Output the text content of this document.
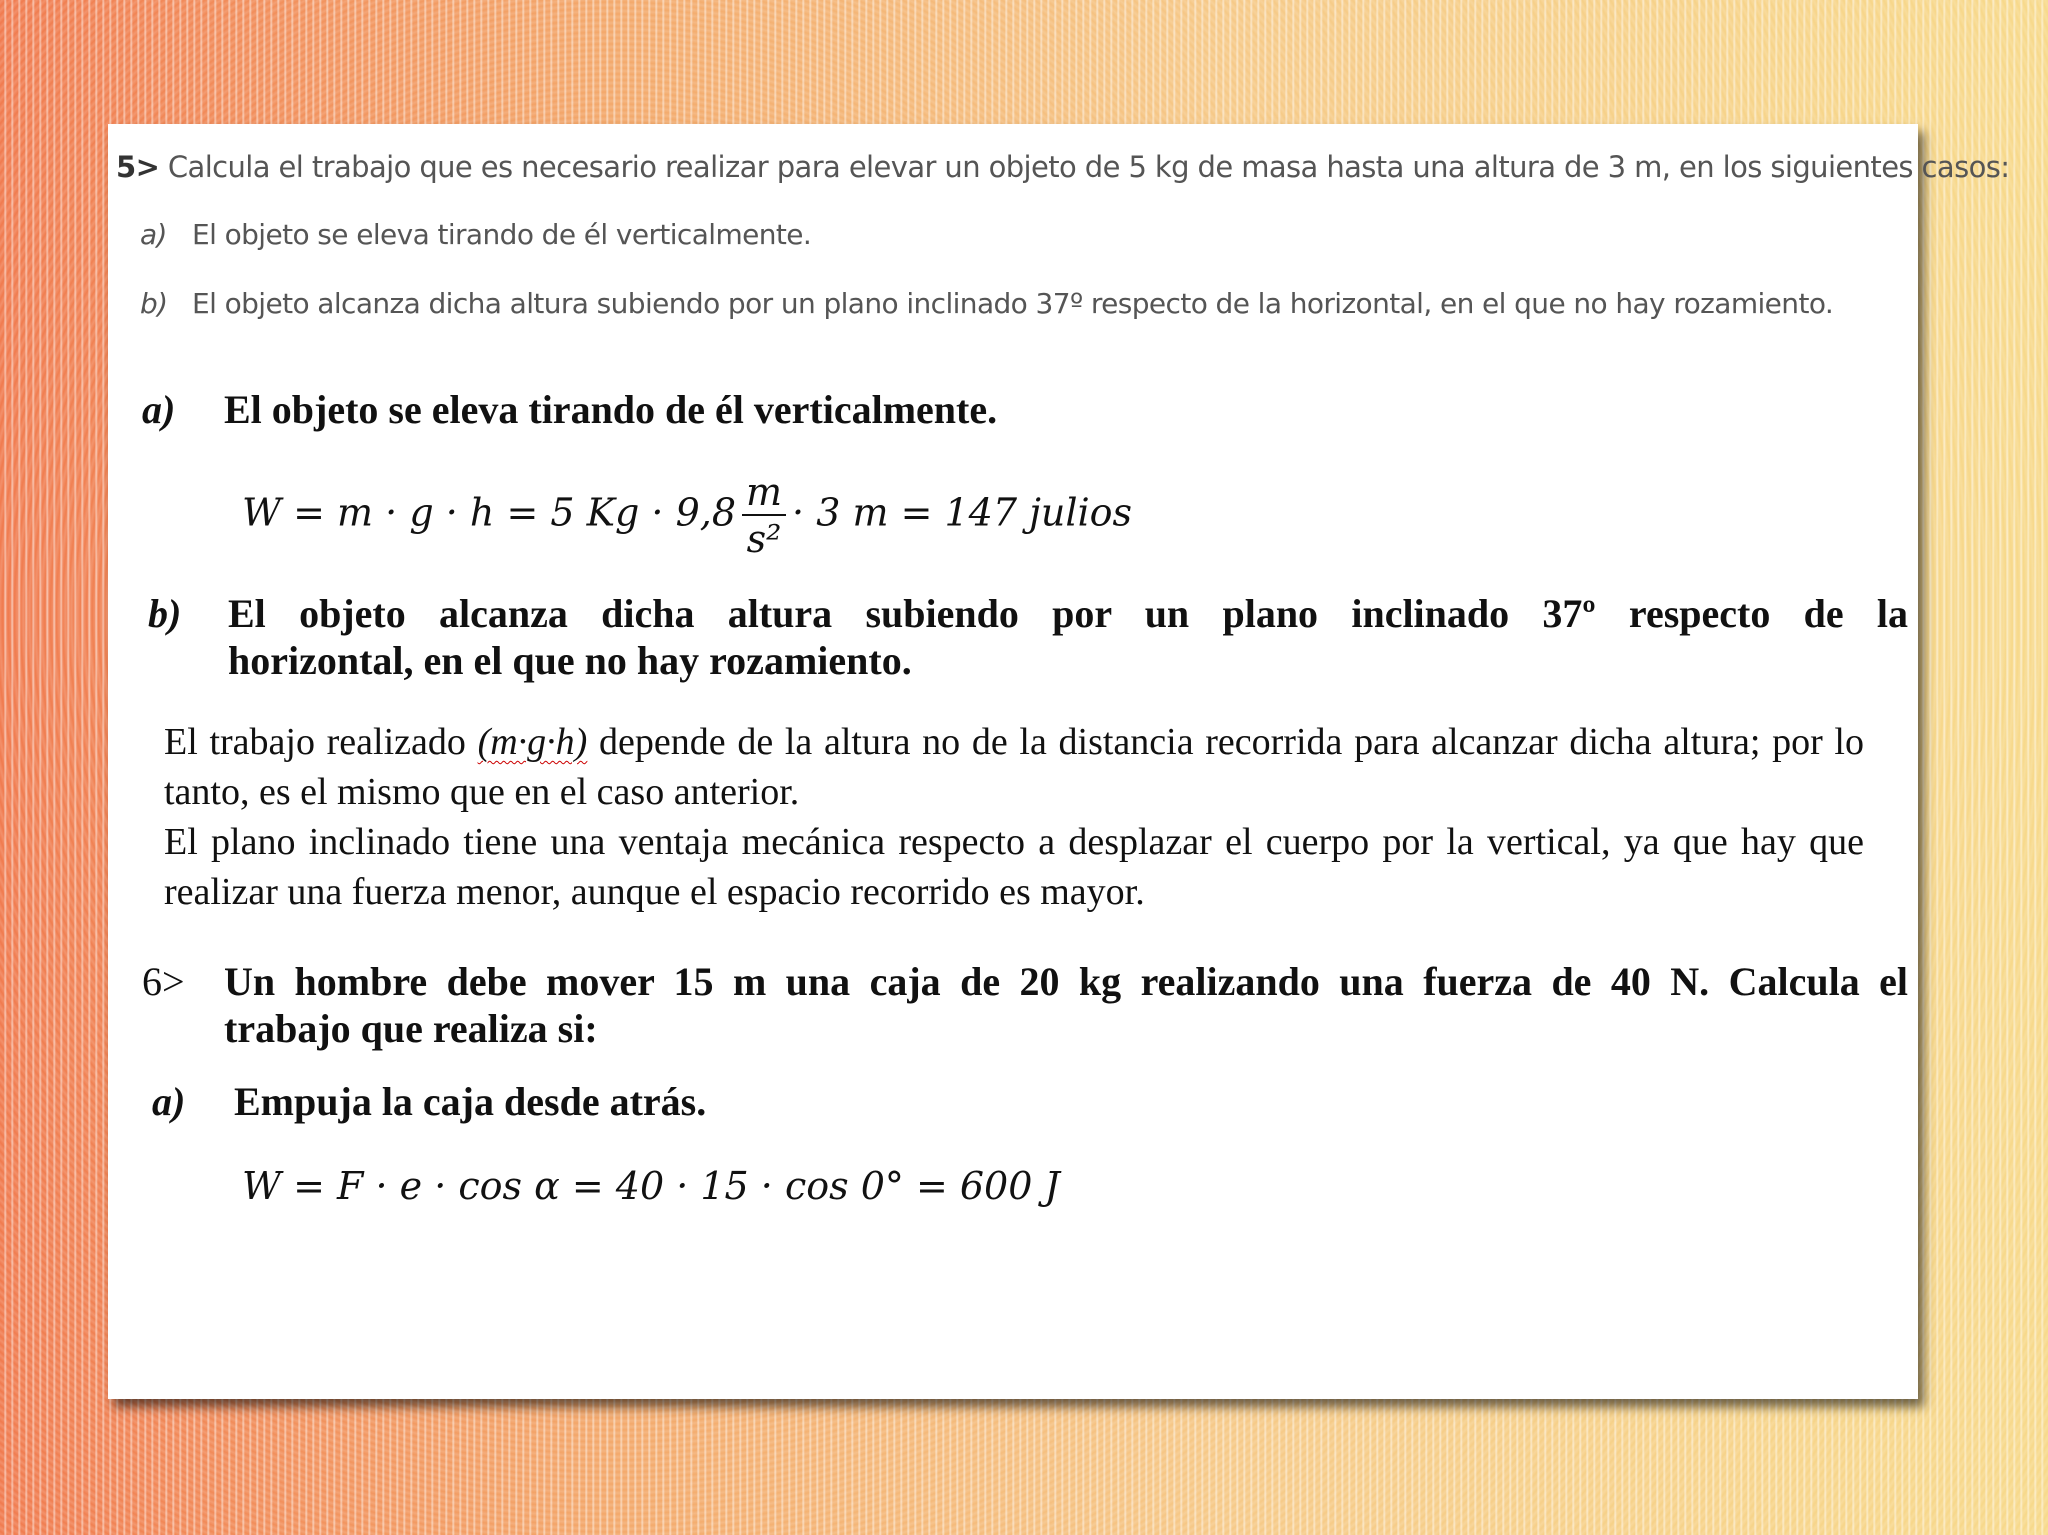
5> Calcula el trabajo que es necesario realizar para elevar un objeto de 5 kg de masa hasta una altura de 3 m, en los siguientes casos:
a) El objeto se eleva tirando de él verticalmente.
b) El objeto alcanza dicha altura subiendo por un plano inclinado 37º respecto de la horizontal, en el que no hay rozamiento.
a) El objeto se eleva tirando de él verticalmente.
W = m · g · h = 5 $Kg \cdot 9,8 \frac{m}{\text{s²}} \cdot 3$ m = 147 julios
b)	El objeto alcanza dicha altura subiendo por un plano inclinado 37º respecto de la
horizontal, en el que no hay rozamiento.

El trabajo realizado (m·g·h) depende de la altura no de la distancia recorrida para alcanzar dicha altura; por lo tanto, es el mismo que en el caso anterior.

El plano inclinado tiene una ventaja mecánica respecto a desplazar el cuerpo por la vertical, ya que hay que realizar una fuerza menor, aunque el espacio recorrido es mayor.

6> Un hombre debe mover 15 m una caja de 20 kg realizando una fuerza de 40 N. Calcula el
trabajo que realiza si:
a) Empuja la caja desde atrás.
W = F · e · cos α = 40 · 15 · cos 0° = 600 J
